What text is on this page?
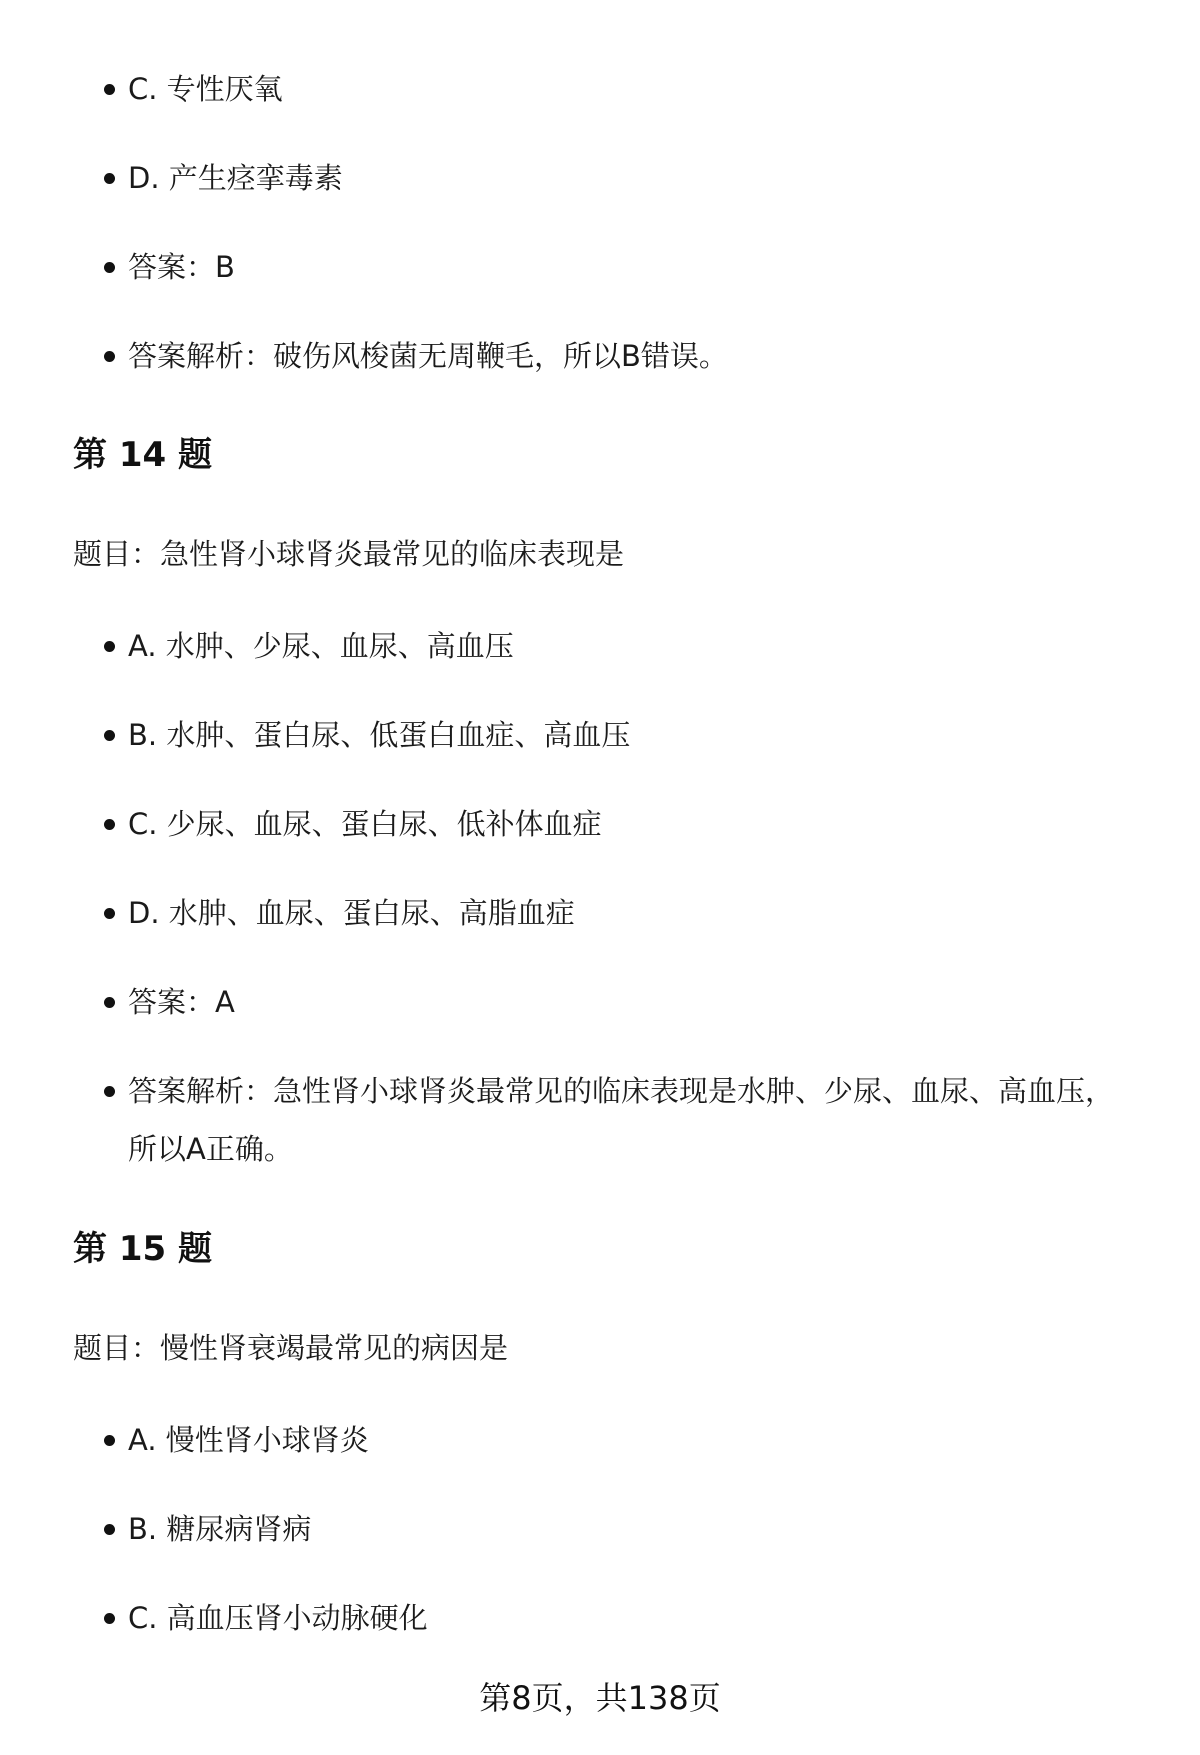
C. 专性厌氧
D. 产生痉挛毒素
答案：B
答案解析：破伤风梭菌无周鞭毛，所以B错误。
第 14 题
题目：急性肾小球肾炎最常见的临床表现是
A. 水肿、少尿、血尿、高血压
B. 水肿、蛋白尿、低蛋白血症、高血压
C. 少尿、血尿、蛋白尿、低补体血症
D. 水肿、血尿、蛋白尿、高脂血症
答案：A
答案解析：急性肾小球肾炎最常见的临床表现是水肿、少尿、血尿、高血压，所以A正确。
第 15 题
题目：慢性肾衰竭最常见的病因是
A. 慢性肾小球肾炎
B. 糖尿病肾病
C. 高血压肾小动脉硬化
第8页，共138页
